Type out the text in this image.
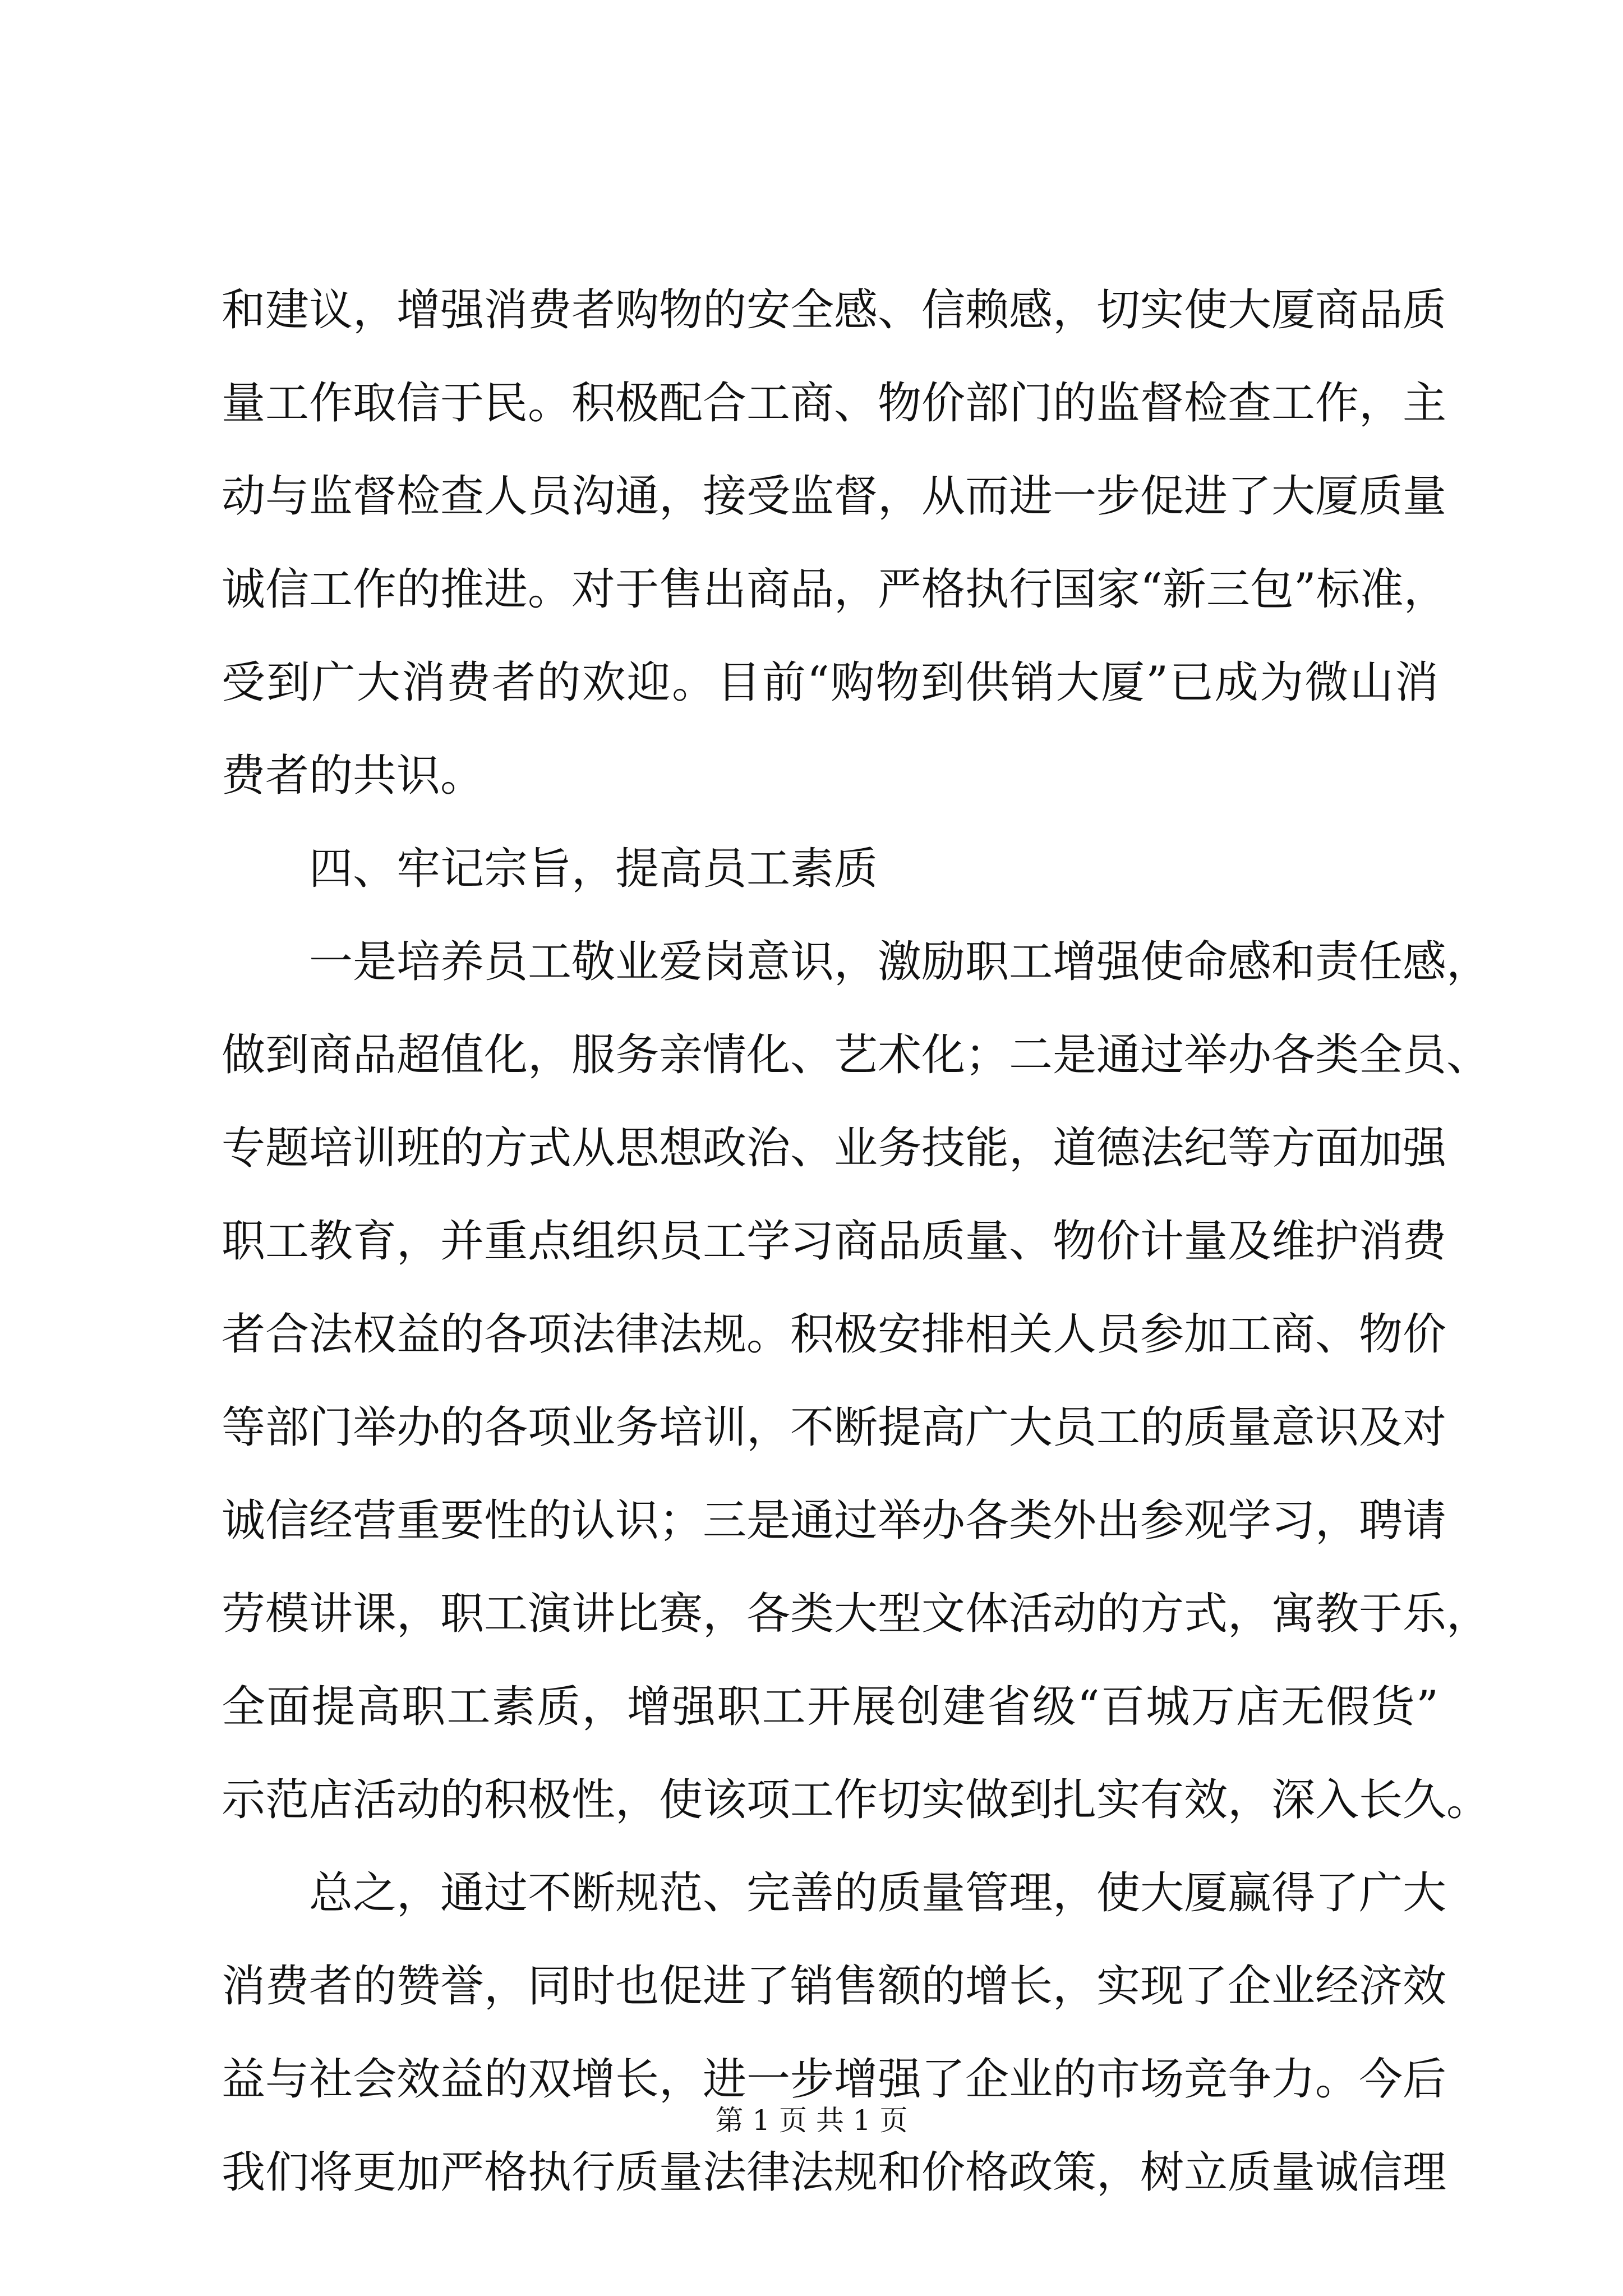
和建议，增强消费者购物的安全感、信赖感，切实使大厦商品质
量工作取信于民。积极配合工商、物价部门的监督检查工作，主
动与监督检查人员沟通，接受监督，从而进一步促进了大厦质量
诚信工作的推进。对于售出商品，严格执行国家“新三包”标准，
受到广大消费者的欢迎。目前“购物到供销大厦”已成为微山消
费者的共识。
四、牢记宗旨，提高员工素质
一是培养员工敬业爱岗意识，激励职工增强使命感和责任感，
做到商品超值化，服务亲情化、艺术化；二是通过举办各类全员、
专题培训班的方式从思想政治、业务技能，道德法纪等方面加强
职工教育，并重点组织员工学习商品质量、物价计量及维护消费
者合法权益的各项法律法规。积极安排相关人员参加工商、物价
等部门举办的各项业务培训，不断提高广大员工的质量意识及对
诚信经营重要性的认识；三是通过举办各类外出参观学习，聘请
劳模讲课，职工演讲比赛，各类大型文体活动的方式，寓教于乐，
全面提高职工素质，增强职工开展创建省级“百城万店无假货”
示范店活动的积极性，使该项工作切实做到扎实有效，深入长久。
总之，通过不断规范、完善的质量管理，使大厦赢得了广大
消费者的赞誉，同时也促进了销售额的增长，实现了企业经济效
益与社会效益的双增长，进一步增强了企业的市场竞争力。今后
我们将更加严格执行质量法律法规和价格政策，树立质量诚信理
第 1 页 共 1 页
